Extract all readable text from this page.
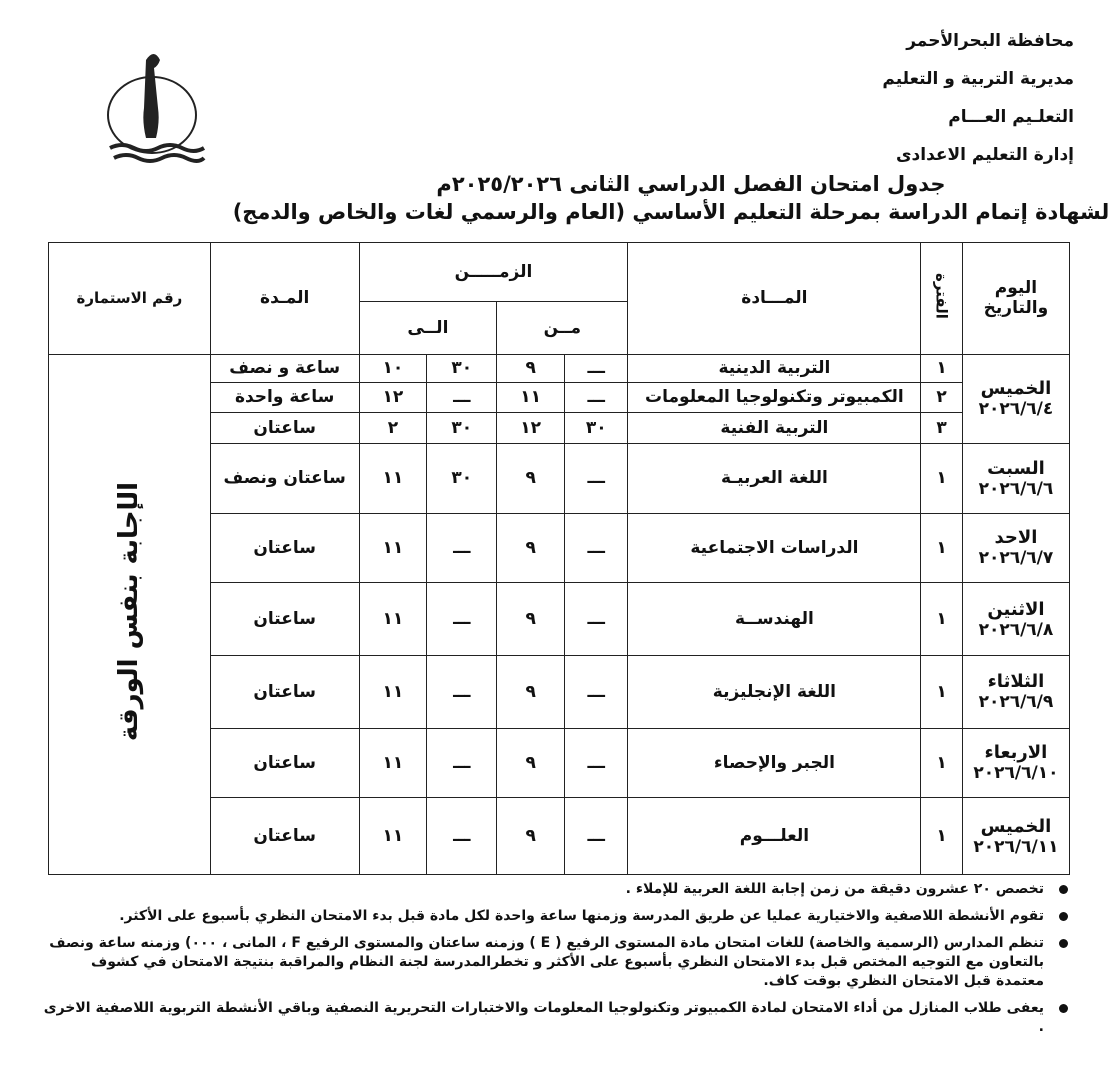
محافظة البحرالأحمر
مديرية التربية و التعليم
التعلـيم العـــام
إدارة التعليم الاعدادى
جدول امتحان الفصل الدراسي الثانى ٢٠٢٥/٢٠٢٦م
لشهادة إتمام الدراسة بمرحلة التعليم الأساسي (العام والرسمي لغات والخاص والدمج)
اليوم والتاريخ	الفترة	المـــادة	الزمـــــن				المـدة	رقم الاستمارة
			مــن		الــى			

الخميس
٢٠٢٦/٦/٤	١	التربية الدينية	ـــ	٩	٣٠	١٠	ساعة و نصف	الإجابة بنفس الورقة
	٢	الكمبيوتر وتكنولوجيا المعلومات	ـــ	١١	ـــ	١٢	ساعة واحدة	
	٣	التربية الفنية	٣٠	١٢	٣٠	٢	ساعتان	

السبت
٢٠٢٦/٦/٦	١	اللغة العربيـة	ـــ	٩	٣٠	١١	ساعتان ونصف	

الاحد
٢٠٢٦/٦/٧	١	الدراسات الاجتماعية	ـــ	٩	ـــ	١١	ساعتان	

الاثنين
٢٠٢٦/٦/٨	١	الهندســة	ـــ	٩	ـــ	١١	ساعتان	

الثلاثاء
٢٠٢٦/٦/٩	١	اللغة الإنجليزية	ـــ	٩	ـــ	١١	ساعتان	

الاربعاء
٢٠٢٦/٦/١٠	١	الجبر والإحصاء	ـــ	٩	ـــ	١١	ساعتان	

الخميس
٢٠٢٦/٦/١١	١	العلـــوم	ـــ	٩	ـــ	١١	ساعتان	
تخصص ٢٠ عشرون دقيقة من زمن إجابة اللغة العربية للإملاء .
تقوم الأنشطة اللاصفية والاختيارية عمليا عن طريق المدرسة وزمنها ساعة واحدة لكل مادة قبل بدء الامتحان النظري بأسبوع على الأكثر.
تنظم المدارس (الرسمية والخاصة) للغات امتحان مادة المستوى الرفيع ( E ) وزمنه ساعتان والمستوى الرفيع F ، المانى ، ٠٠٠) وزمنه ساعة ونصف بالتعاون مع التوجيه المختص قبل بدء الامتحان النظري بأسبوع على الأكثر و تخطرالمدرسة لجنة النظام والمراقبة بنتيجة الامتحان في كشوف معتمدة قبل الامتحان النظري بوقت كاف.
يعفى طلاب المنازل من أداء الامتحان لمادة الكمبيوتر وتكنولوجيا المعلومات والاختبارات التحريرية النصفية وباقي الأنشطة التربوية اللاصفية الاخرى .
